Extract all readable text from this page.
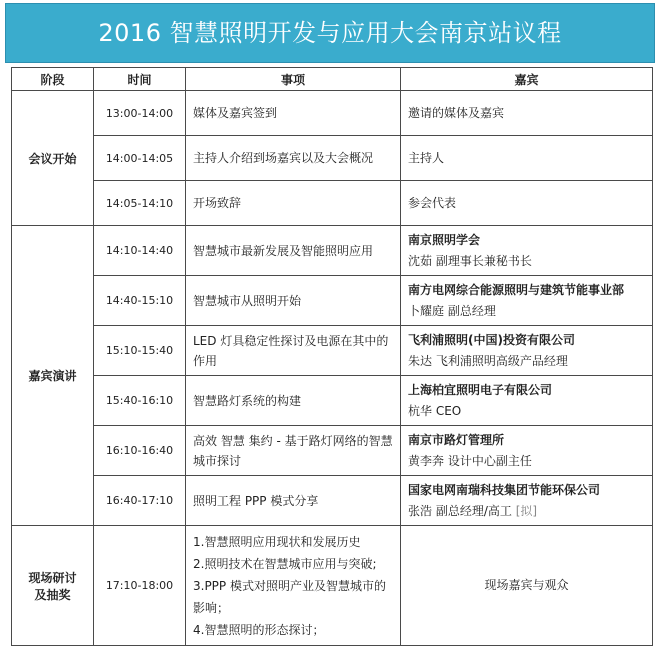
2016 智慧照明开发与应用大会南京站议程
阶段	时间	事项	嘉宾
会议开始	13:00-14:00	媒体及嘉宾签到	邀请的媒体及嘉宾
	14:00-14:05	主持人介绍到场嘉宾以及大会概况	主持人
	14:05-14:10	开场致辞	参会代表
嘉宾演讲	14:10-14:40	智慧城市最新发展及智能照明应用	南京照明学会
沈茹 副理事长兼秘书长

	14:40-15:10	智慧城市从照明开始	南方电网综合能源照明与建筑节能事业部
卜耀庭 副总经理

	15:10-15:40	LED 灯具稳定性探讨及电源在其中的作用	飞利浦照明(中国)投资有限公司
朱达 飞利浦照明高级产品经理

	15:40-16:10	智慧路灯系统的构建	上海柏宜照明电子有限公司
杭华 CEO

	16:10-16:40	高效 智慧 集约 - 基于路灯网络的智慧城市探讨	南京市路灯管理所
黄李奔 设计中心副主任

	16:40-17:10	照明工程 PPP 模式分享	国家电网南瑞科技集团节能环保公司
张浩 副总经理/高工 [拟]

现场研讨
及抽奖	17:10-18:00	1.智慧照明应用现状和发展历史
2.照明技术在智慧城市应用与突破;
3.PPP 模式对照明产业及智慧城市的影响；
4.智慧照明的形态探讨；	现场嘉宾与观众
